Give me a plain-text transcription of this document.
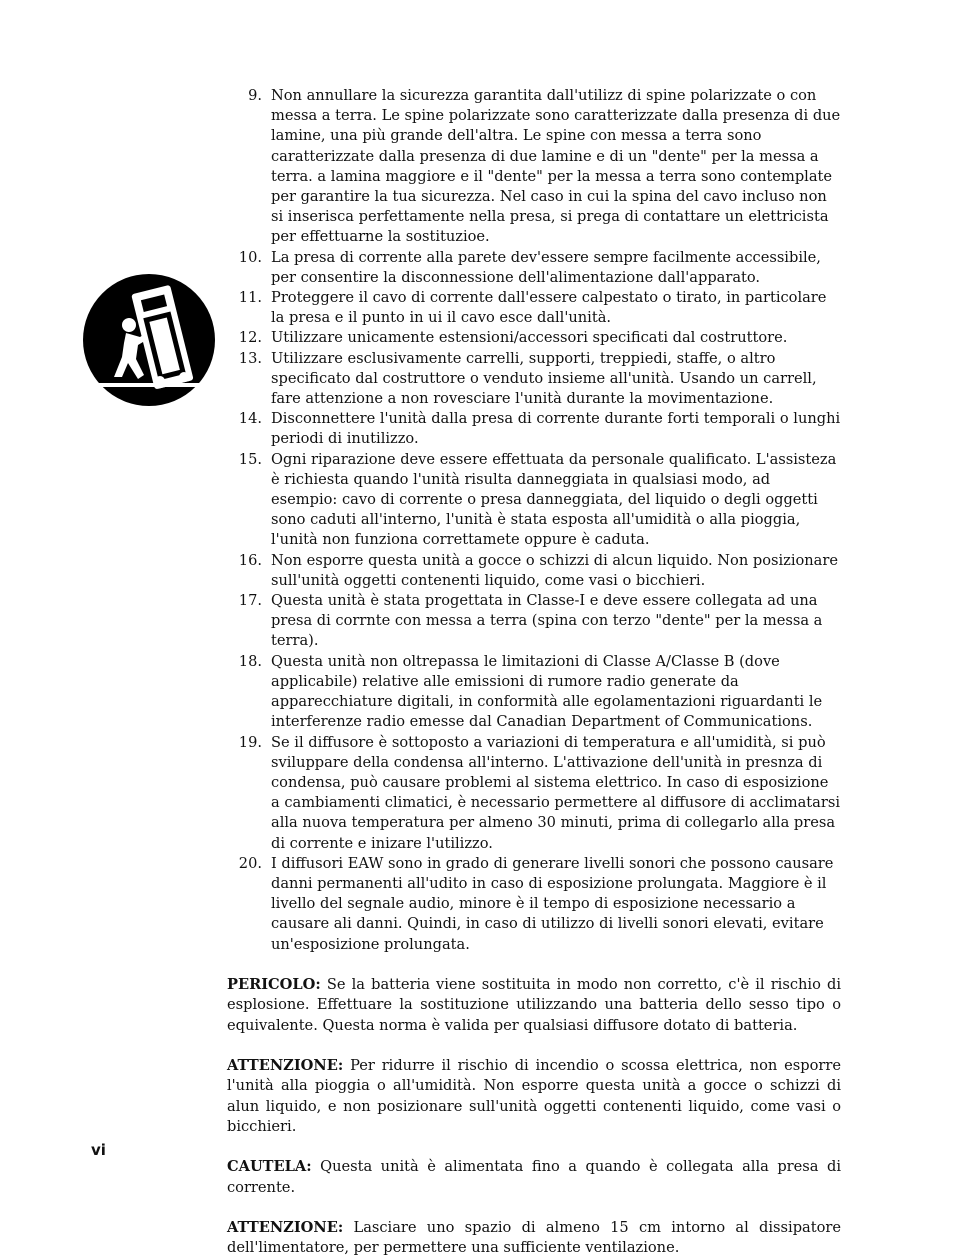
9. Non annullare la sicurezza garantita dall'utilizz di spine polarizzate o con messa a terra. Le spine polarizzate sono caratterizzate dalla presenza di due lamine, una più grande dell'altra. Le spine con messa a terra sono caratterizzate dalla presenza di due lamine e di un "dente" per la messa a terra. a lamina maggiore e il "dente" per la messa a terra sono contemplate per garantire la tua sicurezza. Nel caso in cui la spina del cavo incluso non si inserisca perfettamente nella presa, si prega di contattare un elettricista per effettuarne la sostituzioe.
10. La presa di corrente alla parete dev'essere sempre facilmente accessibile, per consentire la disconnessione dell'alimentazione dall'apparato.
11. Proteggere il cavo di corrente dall'essere calpestato o tirato, in particolare la presa e il punto in ui il cavo esce dall'unità.
12. Utilizzare unicamente estensioni/accessori specificati dal costruttore.
13. Utilizzare esclusivamente carrelli, supporti, treppiedi, staffe, o altro specificato dal costruttore o venduto insieme all'unità. Usando un carrell, fare attenzione a non rovesciare l'unità durante la movimentazione.
14. Disconnettere l'unità dalla presa di corrente durante forti temporali o lunghi periodi di inutilizzo.
15. Ogni riparazione deve essere effettuata da personale qualificato. L'assisteza è richiesta quando l'unità risulta danneggiata in qualsiasi modo, ad esempio: cavo di corrente o presa danneggiata, del liquido o degli oggetti sono caduti all'interno, l'unità è stata esposta all'umidità o alla pioggia, l'unità non funziona correttamete oppure è caduta.
16. Non esporre questa unità a gocce o schizzi di alcun liquido. Non posizionare sull'unità oggetti contenenti liquido, come vasi o bicchieri.
17. Questa unità è stata progettata in Classe-I e deve essere collegata ad una presa di corrnte con messa a terra (spina con terzo "dente" per la messa a terra).
18. Questa unità non oltrepassa le limitazioni di Classe A/Classe B (dove applicabile) relative alle emissioni di rumore radio generate da apparecchiature digitali, in conformità alle egolamentazioni riguardanti le interferenze radio emesse dal Canadian Department of Communications.
19. Se il diffusore è sottoposto a variazioni di temperatura e all'umidità, si può sviluppare della condensa all'interno. L'attivazione dell'unità in presnza di condensa, può causare problemi al sistema elettrico. In caso di esposizione a cambiamenti climatici, è necessario permettere al diffusore di acclimatarsi alla nuova temperatura per almeno 30 minuti, prima di collegarlo alla presa di corrente e inizare l'utilizzo.
20. I diffusori EAW sono in grado di generare livelli sonori che possono causare danni permanenti all'udito in caso di esposizione prolungata. Maggiore è il livello del segnale audio, minore è il tempo di esposizione necessario a causare ali danni. Quindi, in caso di utilizzo di livelli sonori elevati, evitare un'esposizione prolungata.

PERICOLO: Se la batteria viene sostituita in modo non corretto, c'è il rischio di esplosione. Effettuare la sostituzione utilizzando una batteria dello sesso tipo o equivalente. Questa norma è valida per qualsiasi diffusore dotato di batteria.

ATTENZIONE: Per ridurre il rischio di incendio o scossa elettrica, non esporre l'unità alla pioggia o all'umidità. Non esporre questa unità a gocce o schizzi di alun liquido, e non posizionare sull'unità oggetti contenenti liquido, come vasi o bicchieri.

CAUTELA: Questa unità è alimentata fino a quando è collegata alla presa di corrente.

ATTENZIONE: Lasciare uno spazio di almeno 15 cm intorno al dissipatore dell'limentatore, per permettere una sufficiente ventilazione.

vi
